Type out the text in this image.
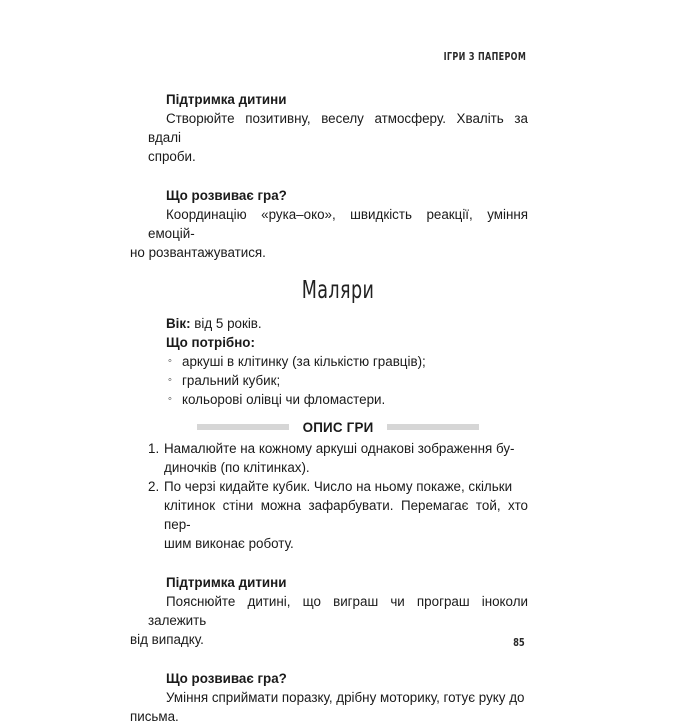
ІГРИ З ПАПЕРОМ

Підтримка дитини

Створюйте позитивну, веселу атмосферу. Хваліть за вдалі
спроби.

Що розвиває гра?

Координацію «рука–око», швидкість реакції, уміння емоцій-
но розвантажуватися.

Маляри

Вік: від 5 років.

Що потрібно:

◦ аркуші в клітинку (за кількістю гравців);
◦ гральний кубик;
◦ кольорові олівці чи фломастери.
ОПИС ГРИ
1. Намалюйте на кожному аркуші однакові зображення бу-
диночків (по клітинках).
2. По черзі кидайте кубик. Число на ньому покаже, скільки
клітинок стіни можна зафарбувати. Перемагає той, хто пер-
шим виконає роботу.

Підтримка дитини

Пояснюйте дитині, що виграш чи програш іноколи залежить
від випадку.

Що розвиває гра?

Уміння сприймати поразку, дрібну моторику, готує руку до
письма.

85
